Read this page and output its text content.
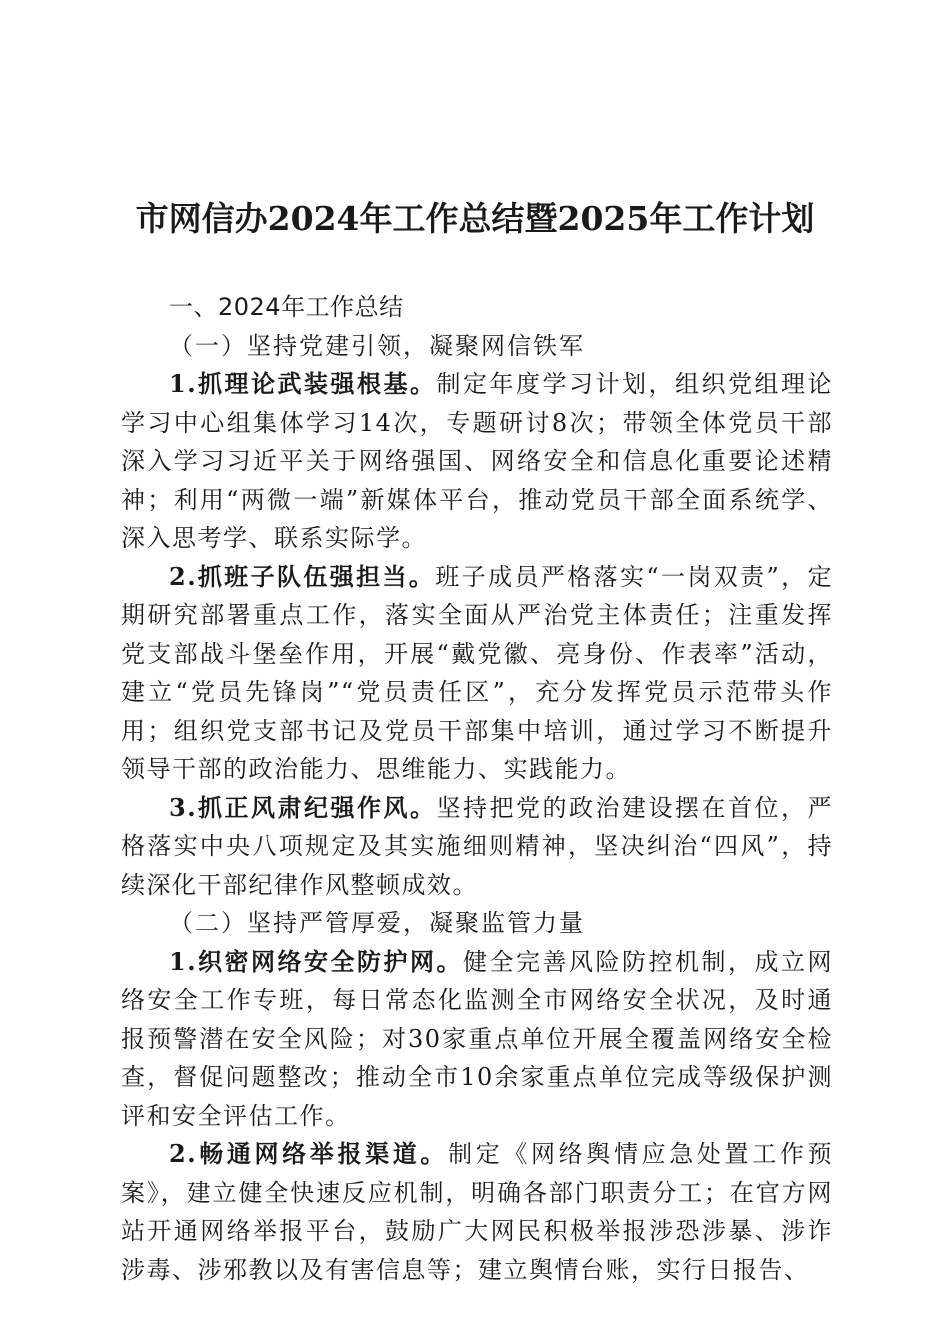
市网信办2024年工作总结暨2025年工作计划

一、2024年工作总结

（一）坚持党建引领，凝聚网信铁军

1.抓理论武装强根基。制定年度学习计划，组织党组理论学习中心组集体学习14次，专题研讨8次；带领全体党员干部深入学习习近平关于网络强国、网络安全和信息化重要论述精神；利用“两微一端”新媒体平台，推动党员干部全面系统学、深入思考学、联系实际学。

2.抓班子队伍强担当。班子成员严格落实“一岗双责”，定期研究部署重点工作，落实全面从严治党主体责任；注重发挥党支部战斗堡垒作用，开展“戴党徽、亮身份、作表率”活动，建立“党员先锋岗”“党员责任区”，充分发挥党员示范带头作用；组织党支部书记及党员干部集中培训，通过学习不断提升领导干部的政治能力、思维能力、实践能力。

3.抓正风肃纪强作风。坚持把党的政治建设摆在首位，严格落实中央八项规定及其实施细则精神，坚决纠治“四风”，持续深化干部纪律作风整顿成效。

（二）坚持严管厚爱，凝聚监管力量

1.织密网络安全防护网。健全完善风险防控机制，成立网络安全工作专班，每日常态化监测全市网络安全状况，及时通报预警潜在安全风险；对30家重点单位开展全覆盖网络安全检查，督促问题整改；推动全市10余家重点单位完成等级保护测评和安全评估工作。

2.畅通网络举报渠道。制定《网络舆情应急处置工作预案》，建立健全快速反应机制，明确各部门职责分工；在官方网站开通网络举报平台，鼓励广大网民积极举报涉恐涉暴、涉诈涉毒、涉邪教以及有害信息等；建立舆情台账，实行日报告、
